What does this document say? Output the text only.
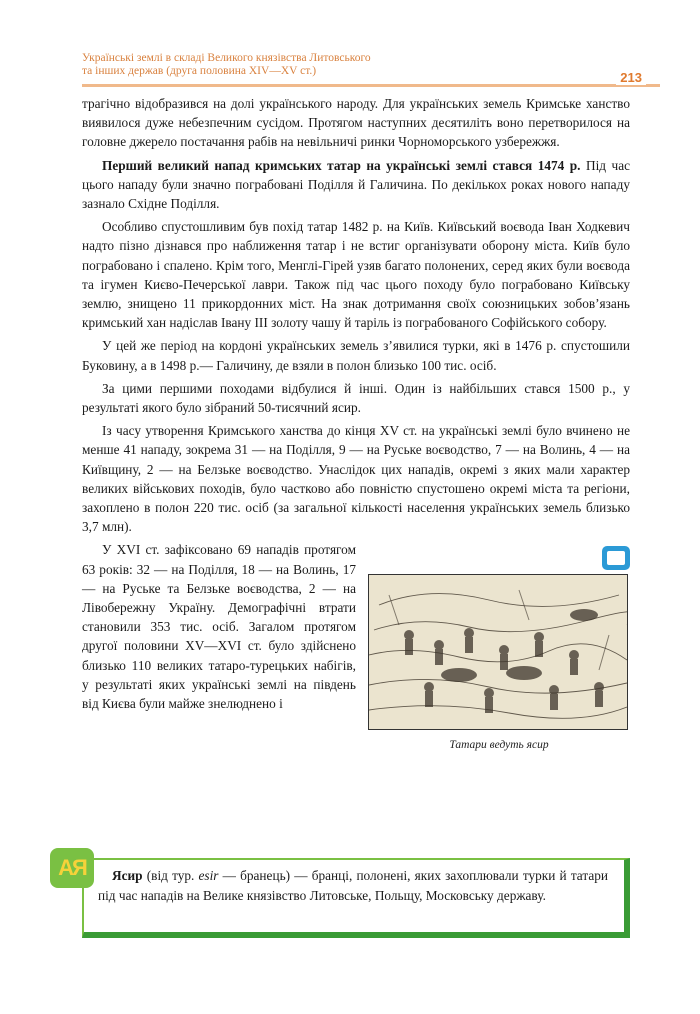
Українські землі в складі Великого князівства Литовського
та інших держав (друга половина XIV—XV ст.)	213

трагічно відобразився на долі українського народу. Для українських земель Кримське ханство виявилося дуже небезпечним сусідом. Протягом наступних десятиліть воно перетворилося на головне джерело постачання рабів на невільничі ринки Чорноморського узбережжя.

Перший великий напад кримських татар на українські землі стався 1474 р. Під час цього нападу були значно пограбовані Поділля й Галичина. По декількох роках нового нападу зазнало Східне Поділля.

Особливо спустошливим був похід татар 1482 р. на Київ. Київський воєвода Іван Ходкевич надто пізно дізнався про наближення татар і не встиг організувати оборону міста. Київ було пограбовано і спалено. Крім того, Менглі-Гірей узяв багато полонених, серед яких були воєвода та ігумен Києво-Печерської лаври. Також під час цього походу було пограбовано Київську землю, знищено 11 прикордонних міст. На знак дотримання своїх союзницьких зобов’язань кримський хан надіслав Івану ІІІ золоту чашу й таріль із пограбованого Софійського собору.

У цей же період на кордоні українських земель з’явилися турки, які в 1476 р. спустошили Буковину, а в 1498 р.— Галичину, де взяли в полон близько 100 тис. осіб.

За цими першими походами відбулися й інші. Один із найбільших стався 1500 р., у результаті якого було зібраний 50-тисячний ясир.

Із часу утворення Кримського ханства до кінця XV ст. на українські землі було вчинено не менше 41 нападу, зокрема 31 — на Поділля, 9 — на Руське воєводство, 7 — на Волинь, 4 — на Київщину, 2 — на Белзьке воєводство. Унаслідок цих нападів, окремі з яких мали характер великих військових походів, було частково або повністю спустошено окремі міста та регіони, захоплено в полон 220 тис. осіб (за загальної кількості населення українських земель близько 3,7 млн).

Татари ведуть ясир

У XVI ст. зафіксовано 69 нападів протягом 63 років: 32 — на Поділля, 18 — на Волинь, 17 — на Руське та Белзьке воєводства, 2 — на Лівобережну Україну. Демографічні втрати становили 353 тис. осіб. Загалом протягом другої половини XV—XVI ст. було здійснено близько 110 великих татаро-турецьких набігів, у результаті яких українські землі на південь від Києва були майже знелюднено і

Ясир (від тур. esir — бранець) — бранці, полонені, яких захоплювали турки й татари під час нападів на Велике князівство Литовське, Польщу, Московську державу.
АЯ
